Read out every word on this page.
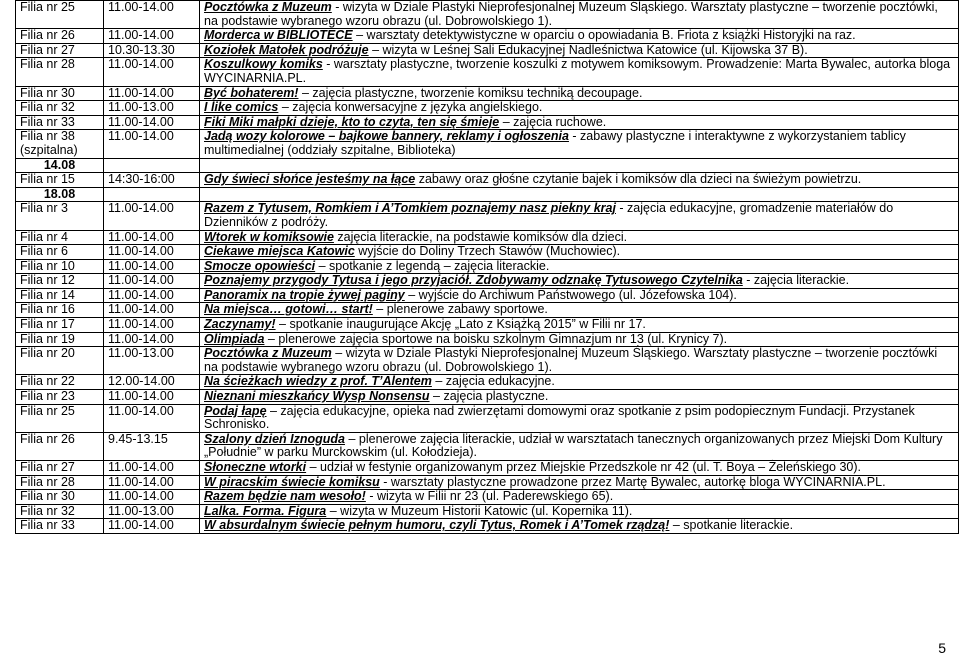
Filia nr 25	11.00-14.00	Pocztówka z Muzeum - wizyta w Dziale Plastyki Nieprofesjonalnej Muzeum Śląskiego. Warsztaty plastyczne – tworzenie pocztówki, na podstawie wybranego wzoru obrazu (ul. Dobrowolskiego 1).
Filia nr 26	11.00-14.00	Morderca w BIBLIOTECE – warsztaty detektywistyczne w oparciu o opowiadania B. Friota z książki Historyjki na raz.
Filia nr 27	10.30-13.30	Koziołek Matołek podróżuje – wizyta w Leśnej Sali Edukacyjnej Nadleśnictwa Katowice (ul. Kijowska 37 B).
Filia nr 28	11.00-14.00	Koszulkowy komiks - warsztaty plastyczne, tworzenie koszulki z motywem komiksowym. Prowadzenie: Marta Bywalec, autorka bloga WYCINARNIA.PL.
Filia nr 30	11.00-14.00	Być bohaterem! – zajęcia plastyczne, tworzenie komiksu techniką decoupage.
Filia nr 32	11.00-13.00	I like comics – zajęcia konwersacyjne z języka angielskiego.
Filia nr 33	11.00-14.00	Fiki Miki małpki dzieje, kto to czyta, ten się śmieje – zajęcia ruchowe.
Filia nr 38 (szpitalna)	11.00-14.00	Jadą wozy kolorowe – bajkowe bannery, reklamy i ogłoszenia - zabawy plastyczne i interaktywne z wykorzystaniem tablicy multimedialnej (oddziały szpitalne, Biblioteka)
14.08		
Filia nr 15	14:30-16:00	Gdy świeci słońce jesteśmy na łące zabawy oraz głośne czytanie bajek i komiksów dla dzieci na świeżym powietrzu.
18.08		
Filia nr 3	11.00-14.00	Razem z Tytusem, Romkiem i A’Tomkiem poznajemy nasz piekny kraj - zajęcia edukacyjne, gromadzenie materiałów do Dzienników z podróży.
Filia nr 4	11.00-14.00	Wtorek w komiksowie zajęcia literackie, na podstawie komiksów dla dzieci.
Filia nr 6	11.00-14.00	Ciekawe miejsca Katowic wyjście do Doliny Trzech Stawów (Muchowiec).
Filia nr 10	11.00-14.00	Smocze opowieści – spotkanie z legendą – zajęcia literackie.
Filia nr 12	11.00-14.00	Poznajemy przygody Tytusa i jego przyjaciół. Zdobywamy odznakę Tytusowego Czytelnika - zajęcia literackie.
Filia nr 14	11.00-14.00	Panoramix na tropie żywej paginy – wyjście do Archiwum Państwowego (ul. Józefowska 104).
Filia nr 16	11.00-14.00	Na miejsca… gotowi… start! – plenerowe zabawy sportowe.
Filia nr 17	11.00-14.00	Zaczynamy! – spotkanie inaugurujące Akcję „Lato z Książką 2015” w Filii nr 17.
Filia nr 19	11.00-14.00	Olimpiada – plenerowe zajęcia sportowe na boisku szkolnym Gimnazjum nr 13 (ul. Krynicy 7).
Filia nr 20	11.00-13.00	Pocztówka z Muzeum – wizyta w Dziale Plastyki Nieprofesjonalnej Muzeum Śląskiego. Warsztaty plastyczne – tworzenie pocztówki na podstawie wybranego wzoru obrazu (ul. Dobrowolskiego 1).
Filia nr 22	12.00-14.00	Na ścieżkach wiedzy z prof. T’Alentem – zajęcia edukacyjne.
Filia nr 23	11.00-14.00	Nieznani mieszkańcy Wysp Nonsensu – zajęcia plastyczne.
Filia nr 25	11.00-14.00	Podaj łapę – zajęcia edukacyjne, opieka nad zwierzętami domowymi oraz spotkanie z psim podopiecznym Fundacji. Przystanek Schronisko.
Filia nr 26	9.45-13.15	Szalony dzień Iznoguda – plenerowe zajęcia literackie, udział w warsztatach tanecznych organizowanych przez Miejski Dom Kultury „Południe” w parku Murckowskim (ul. Kołodzieja).
Filia nr 27	11.00-14.00	Słoneczne wtorki – udział w festynie organizowanym przez Miejskie Przedszkole nr 42 (ul. T. Boya – Żeleńskiego 30).
Filia nr 28	11.00-14.00	W piracskim świecie komiksu - warsztaty plastyczne prowadzone przez Martę Bywalec, autorkę bloga WYCINARNIA.PL.
Filia nr 30	11.00-14.00	Razem będzie nam wesoło! - wizyta w Filii nr 23 (ul. Paderewskiego 65).
Filia nr 32	11.00-13.00	Lalka. Forma. Figura – wizyta w Muzeum Historii Katowic (ul. Kopernika 11).
Filia nr 33	11.00-14.00	W absurdalnym świecie pełnym humoru, czyli Tytus, Romek i A’Tomek rządzą! – spotkanie literackie.
5
